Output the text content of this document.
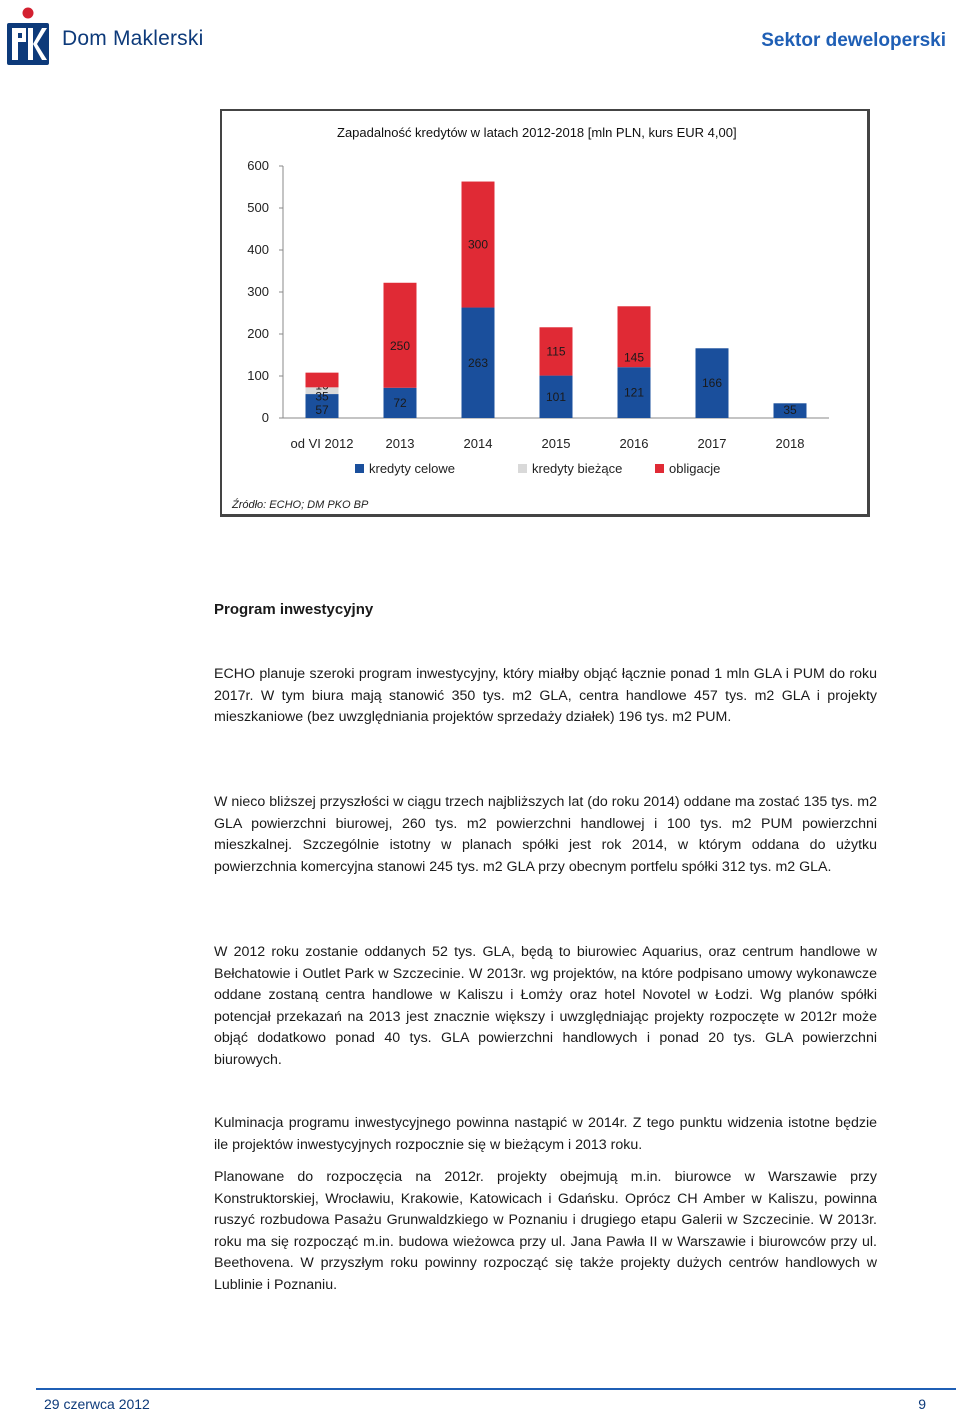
Dom Maklerski	Sektor deweloperski
Zapadalność kredytów w latach 2012-2018 [mln PLN, kurs EUR 4,00]
0
100
200
300
400
500
600
57
35
od VI 2012
72
250
2013
263
300
2014
101
115
2015
121
145
2016
166
2017
35
2018
kredyty celowe	kredyty bieżące	obligacje
Źródło: ECHO; DM PKO BP
Program inwestycyjny
ECHO planuje szeroki program inwestycyjny, który miałby objąć łącznie ponad 1 mln GLA i PUM do roku 2017r. W tym biura mają stanowić 350 tys. m2 GLA, centra handlowe 457 tys. m2 GLA i projekty mieszkaniowe (bez uwzględniania projektów sprzedaży działek) 196 tys. m2 PUM.
W nieco bliższej przyszłości w ciągu trzech najbliższych lat (do roku 2014) oddane ma zostać 135 tys. m2 GLA powierzchni biurowej, 260 tys. m2 powierzchni handlowej i 100 tys. m2 PUM powierzchni mieszkalnej. Szczególnie istotny w planach spółki jest rok 2014, w którym oddana do użytku powierzchnia komercyjna stanowi 245 tys. m2 GLA przy obecnym portfelu spółki 312 tys. m2 GLA.
W 2012 roku zostanie oddanych 52 tys. GLA, będą to biurowiec Aquarius, oraz centrum handlowe w Bełchatowie i Outlet Park w Szczecinie. W 2013r. wg projektów, na które podpisano umowy wykonawcze oddane zostaną centra handlowe w Kaliszu i Łomży oraz hotel Novotel w Łodzi. Wg planów spółki potencjał przekazań na 2013 jest znacznie większy i uwzględniając projekty rozpoczęte w 2012r może objąć dodatkowo ponad 40 tys. GLA powierzchni handlowych i ponad 20 tys. GLA powierzchni biurowych.
Kulminacja programu inwestycyjnego powinna nastąpić w 2014r. Z tego punktu widzenia istotne będzie ile projektów inwestycyjnych rozpocznie się w bieżącym i 2013 roku.
Planowane do rozpoczęcia na 2012r. projekty obejmują m.in. biurowce w Warszawie przy Konstruktorskiej, Wrocławiu, Krakowie, Katowicach i Gdańsku. Oprócz CH Amber w Kaliszu, powinna ruszyć rozbudowa Pasażu Grunwaldzkiego w Poznaniu i drugiego etapu Galerii w Szczecinie. W 2013r. roku ma się rozpocząć m.in. budowa wieżowca przy ul. Jana Pawła II w Warszawie i biurowców przy ul. Beethovena. W przyszłym roku powinny rozpocząć się także projekty dużych centrów handlowych w Lublinie i Poznaniu.
29 czerwca 2012	9
